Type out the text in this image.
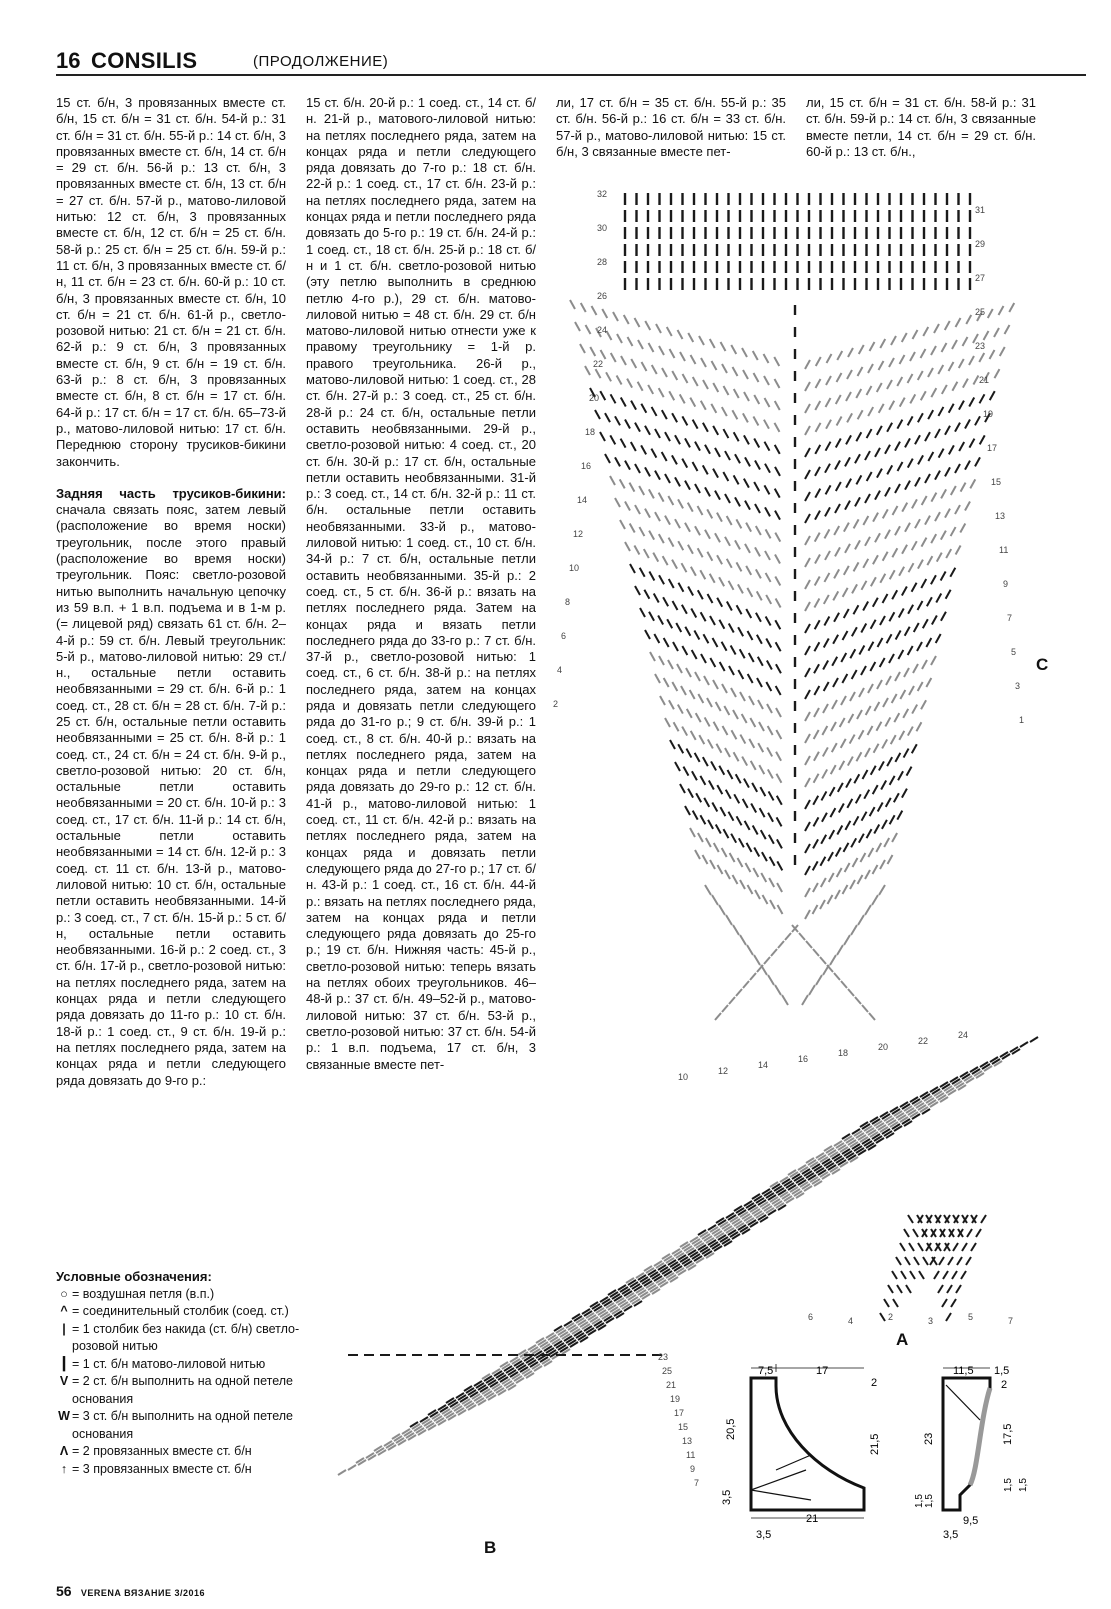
16 CONSILIS	(ПРОДОЛЖЕНИЕ)

15 ст. б/н, 3 провязанных вместе ст. б/н, 15 ст. б/н = 31 ст. б/н. 54-й р.: 31 ст. б/н = 31 ст. б/н. 55-й р.: 14 ст. б/н, 3 провязанных вместе ст. б/н, 14 ст. б/н = 29 ст. б/н. 56-й р.: 13 ст. б/н, 3 провязанных вместе ст. б/н, 13 ст. б/н = 27 ст. б/н. 57-й р., матово-лиловой нитью: 12 ст. б/н, 3 провязанных вместе ст. б/н, 12 ст. б/н = 25 ст. б/н. 58-й р.: 25 ст. б/н = 25 ст. б/н. 59-й р.: 11 ст. б/н, 3 провязанных вместе ст. б/н, 11 ст. б/н = 23 ст. б/н. 60-й р.: 10 ст. б/н, 3 провязанных вместе ст. б/н, 10 ст. б/н = 21 ст. б/н. 61-й р., светло-розовой нитью: 21 ст. б/н = 21 ст. б/н. 62-й р.: 9 ст. б/н, 3 провязанных вместе ст. б/н, 9 ст. б/н = 19 ст. б/н. 63-й р.: 8 ст. б/н, 3 провязанных вместе ст. б/н, 8 ст. б/н = 17 ст. б/н. 64-й р.: 17 ст. б/н = 17 ст. б/н. 65–73-й р., матово-лиловой нитью: 17 ст. б/н. Переднюю сторону трусиков-бикини закончить.

Задняя часть трусиков-бикини: сначала связать пояс, затем левый (расположение во время носки) треугольник, после этого правый (расположение во время носки) треугольник. Пояс: светло-розовой нитью выполнить начальную цепочку из 59 в.п. + 1 в.п. подъема и в 1-м р. (= лицевой ряд) связать 61 ст. б/н. 2–4-й р.: 59 ст. б/н. Левый треугольник: 5-й р., матово-лиловой нитью: 29 ст./н., остальные петли оставить необвязанными = 29 ст. б/н. 6-й р.: 1 соед. ст., 28 ст. б/н = 28 ст. б/н. 7-й р.: 25 ст. б/н, остальные петли оставить необвязанными = 25 ст. б/н. 8-й р.: 1 соед. ст., 24 ст. б/н = 24 ст. б/н. 9-й р., светло-розовой нитью: 20 ст. б/н, остальные петли оставить необвязанными = 20 ст. б/н. 10-й р.: 3 соед. ст., 17 ст. б/н. 11-й р.: 14 ст. б/н, остальные петли оставить необвязанными = 14 ст. б/н. 12-й р.: 3 соед. ст. 11 ст. б/н. 13-й р., матово-лиловой нитью: 10 ст. б/н, остальные петли оставить необвязанными. 14-й р.: 3 соед. ст., 7 ст. б/н. 15-й р.: 5 ст. б/н, остальные петли оставить необвязанными. 16-й р.: 2 соед. ст., 3 ст. б/н. 17-й р., светло-розовой нитью: на петлях последнего ряда, затем на концах ряда и петли следующего ряда довязать до 11-го р.: 10 ст. б/н. 18-й р.: 1 соед. ст., 9 ст. б/н. 19-й р.: на петлях последнего ряда, затем на концах ряда и петли следующего ряда довязать до 9-го р.:

15 ст. б/н. 20-й р.: 1 соед. ст., 14 ст. б/н. 21-й р., матового-лиловой нитью: на петлях последнего ряда, затем на концах ряда и петли следующего ряда довязать до 7-го р.: 18 ст. б/н. 22-й р.: 1 соед. ст., 17 ст. б/н. 23-й р.: на петлях последнего ряда, затем на концах ряда и петли последнего ряда довязать до 5-го р.: 19 ст. б/н. 24-й р.: 1 соед. ст., 18 ст. б/н. 25-й р.: 18 ст. б/н и 1 ст. б/н. светло-розовой нитью (эту петлю выполнить в среднюю петлю 4-го р.), 29 ст. б/н. матово-лиловой нитью = 48 ст. б/н. 29 ст. б/н матово-лиловой нитью отнести уже к правому треугольнику = 1-й р. правого треугольника. 26-й р., матово-лиловой нитью: 1 соед. ст., 28 ст. б/н. 27-й р.: 3 соед. ст., 25 ст. б/н. 28-й р.: 24 ст. б/н, остальные петли оставить необвязанными. 29-й р., светло-розовой нитью: 4 соед. ст., 20 ст. б/н. 30-й р.: 17 ст. б/н, остальные петли оставить необвязанными. 31-й р.: 3 соед. ст., 14 ст. б/н. 32-й р.: 11 ст. б/н. остальные петли оставить необвязанными. 33-й р., матово-лиловой нитью: 1 соед. ст., 10 ст. б/н. 34-й р.: 7 ст. б/н, остальные петли оставить необвязанными. 35-й р.: 2 соед. ст., 5 ст. б/н. 36-й р.: вязать на петлях последнего ряда. Затем на концах ряда и вязать петли последнего ряда до 33-го р.: 7 ст. б/н. 37-й р., светло-розовой нитью: 1 соед. ст., 6 ст. б/н. 38-й р.: на петлях последнего ряда, затем на концах ряда и довязать петли следующего ряда до 31-го р.; 9 ст. б/н. 39-й р.: 1 соед. ст., 8 ст. б/н. 40-й р.: вязать на петлях последнего ряда, затем на концах ряда и петли следующего ряда довязать до 29-го р.: 12 ст. б/н. 41-й р., матово-лиловой нитью: 1 соед. ст., 11 ст. б/н. 42-й р.: вязать на петлях последнего ряда, затем на концах ряда и довязать петли следующего ряда до 27-го р.; 17 ст. б/н. 43-й р.: 1 соед. ст., 16 ст. б/н. 44-й р.: вязать на петлях последнего ряда, затем на концах ряда и петли следующего ряда довязать до 25-го р.; 19 ст. б/н. Нижняя часть: 45-й р., светло-розовой нитью: теперь вязать на петлях обоих треугольников. 46–48-й р.: 37 ст. б/н. 49–52-й р., матово-лиловой нитью: 37 ст. б/н. 53-й р., светло-розовой нитью: 37 ст. б/н. 54-й р.: 1 в.п. подъема, 17 ст. б/н, 3 связанные вместе пет-

ли, 17 ст. б/н = 35 ст. б/н. 55-й р.: 35 ст. б/н. 56-й р.: 16 ст. б/н = 33 ст. б/н. 57-й р., матово-лиловой нитью: 15 ст. б/н, 3 связанные вместе пет-

ли, 15 ст. б/н = 31 ст. б/н. 58-й р.: 31 ст. б/н. 59-й р.: 14 ст. б/н, 3 связанные вместе петли, 14 ст. б/н = 29 ст. б/н. 60-й р.: 13 ст. б/н.,

32
30
28
26
24
22
20
18
16
14
12
10
8
6
4
2
31
29
27
25
23
21
19
17
15
13
11
9
7
5
3
1
C
23
25
21
19
17
15
13
11
9
7
10
12
14
16
18
20
22
24
6	4	2	3	5	7
B
A
7,5	17
2
20,5
21,5
3,5
21
3,5
11,5 1,5
2
23	17,5
1,5 1,5
1,5
1,5
9,5
3,5
Условные обозначения:
○ = воздушная петля (в.п.)
^ = соединительный столбик (соед. ст.)
| = 1 столбик без накида (ст. б/н) светло-розовой нитью
┃ = 1 ст. б/н матово-лиловой нитью
V = 2 ст. б/н выполнить на одной петеле основания
W = 3 ст. б/н выполнить на одной петеле основания
Λ = 2 провязанных вместе ст. б/н
↑ = 3 провязанных вместе ст. б/н
56 VERENA ВЯЗАНИЕ 3/2016
